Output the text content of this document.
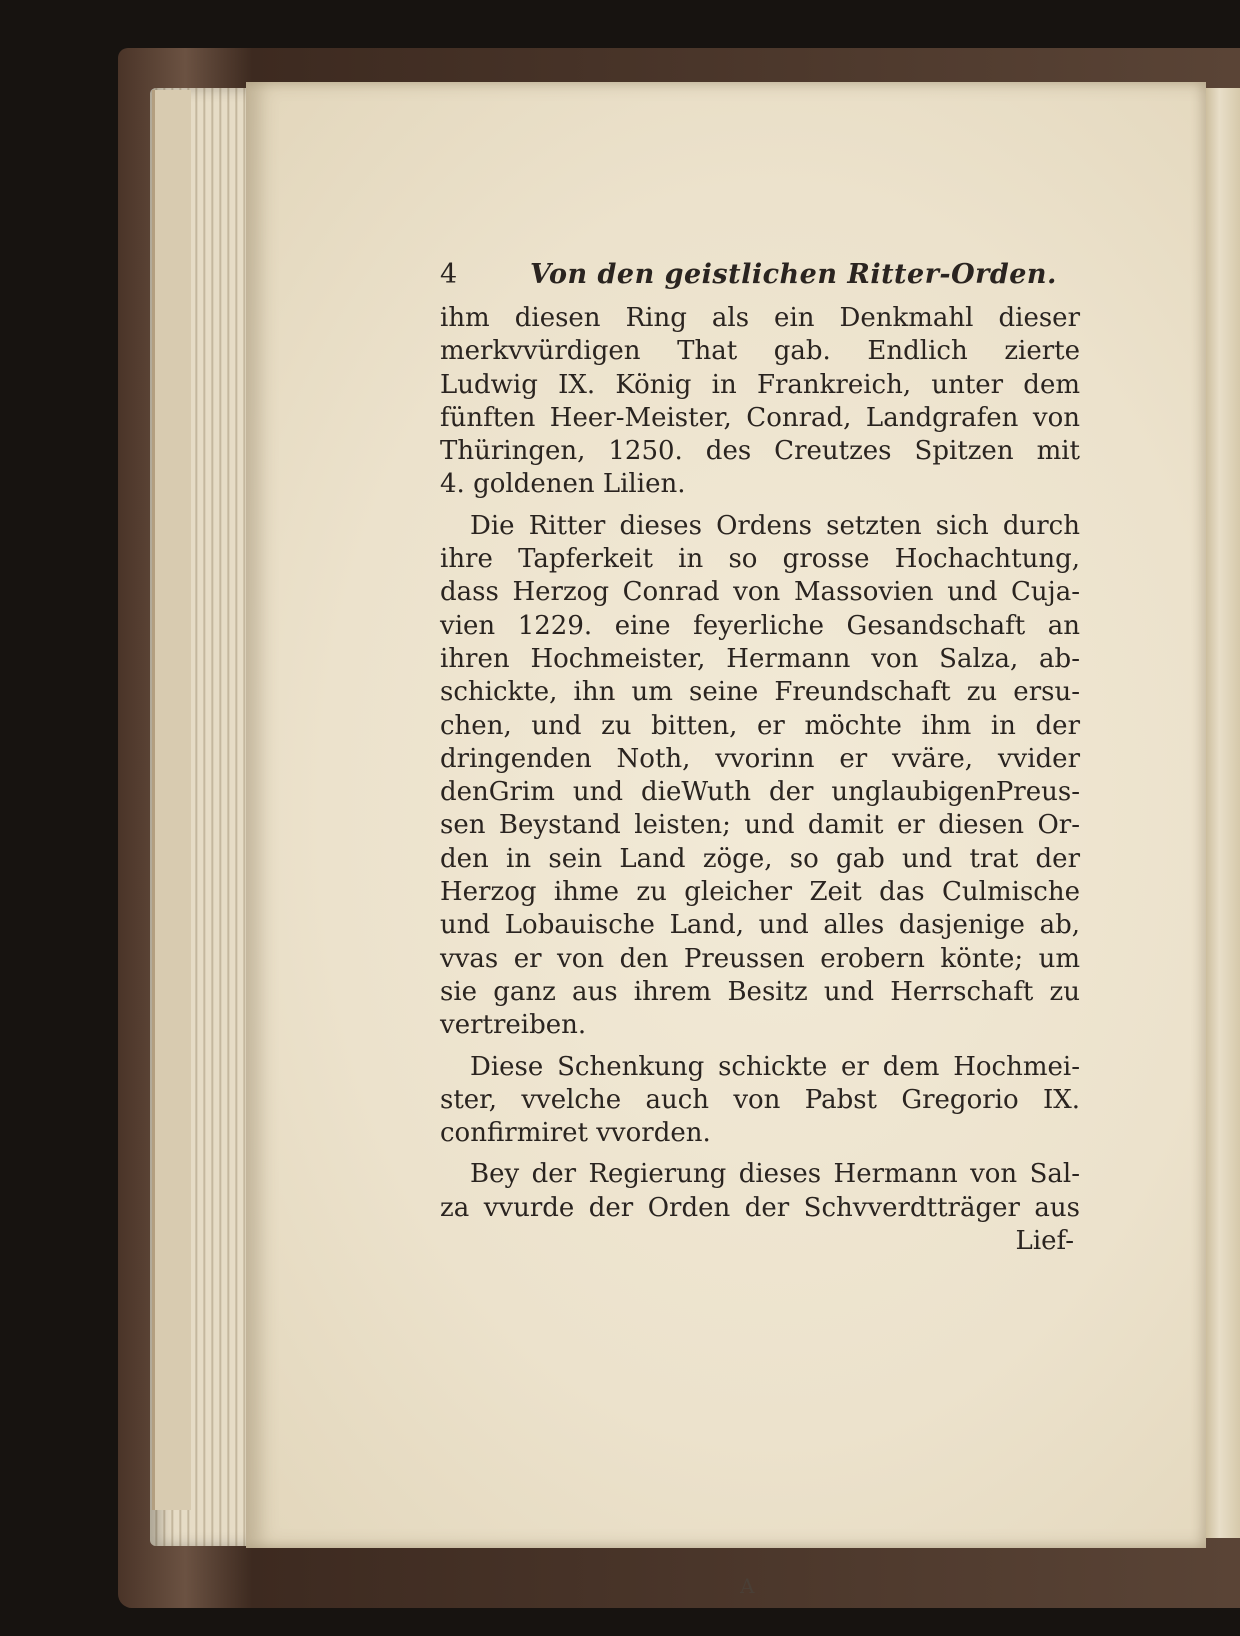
4	Von den geistlichen Ritter-Orden.
ihm diesen Ring als ein Denkmahl dieser
merkvvürdigen That gab. Endlich zierte
Ludwig IX. König in Frankreich, unter dem
fünften Heer-Meister, Conrad, Landgrafen von
Thüringen, 1250. des Creutzes Spitzen mit
4. goldenen Lilien.
Die Ritter dieses Ordens setzten sich durch
ihre Tapferkeit in so grosse Hochachtung,
dass Herzog Conrad von Massovien und Cuja-
vien 1229. eine feyerliche Gesandschaft an
ihren Hochmeister, Hermann von Salza, ab-
schickte, ihn um seine Freundschaft zu ersu-
chen, und zu bitten, er möchte ihm in der
dringenden Noth, vvorinn er vväre, vvider
denGrim und dieWuth der unglaubigenPreus-
sen Beystand leisten; und damit er diesen Or-
den in sein Land zöge, so gab und trat der
Herzog ihme zu gleicher Zeit das Culmische
und Lobauische Land, und alles dasjenige ab,
vvas er von den Preussen erobern könte; um
sie ganz aus ihrem Besitz und Herrschaft zu
vertreiben.
Diese Schenkung schickte er dem Hochmei-
ster, vvelche auch von Pabst Gregorio IX.
confirmiret vvorden.
Bey der Regierung dieses Hermann von Sal-
za vvurde der Orden der Schvverdtträger aus
Lief-
A
